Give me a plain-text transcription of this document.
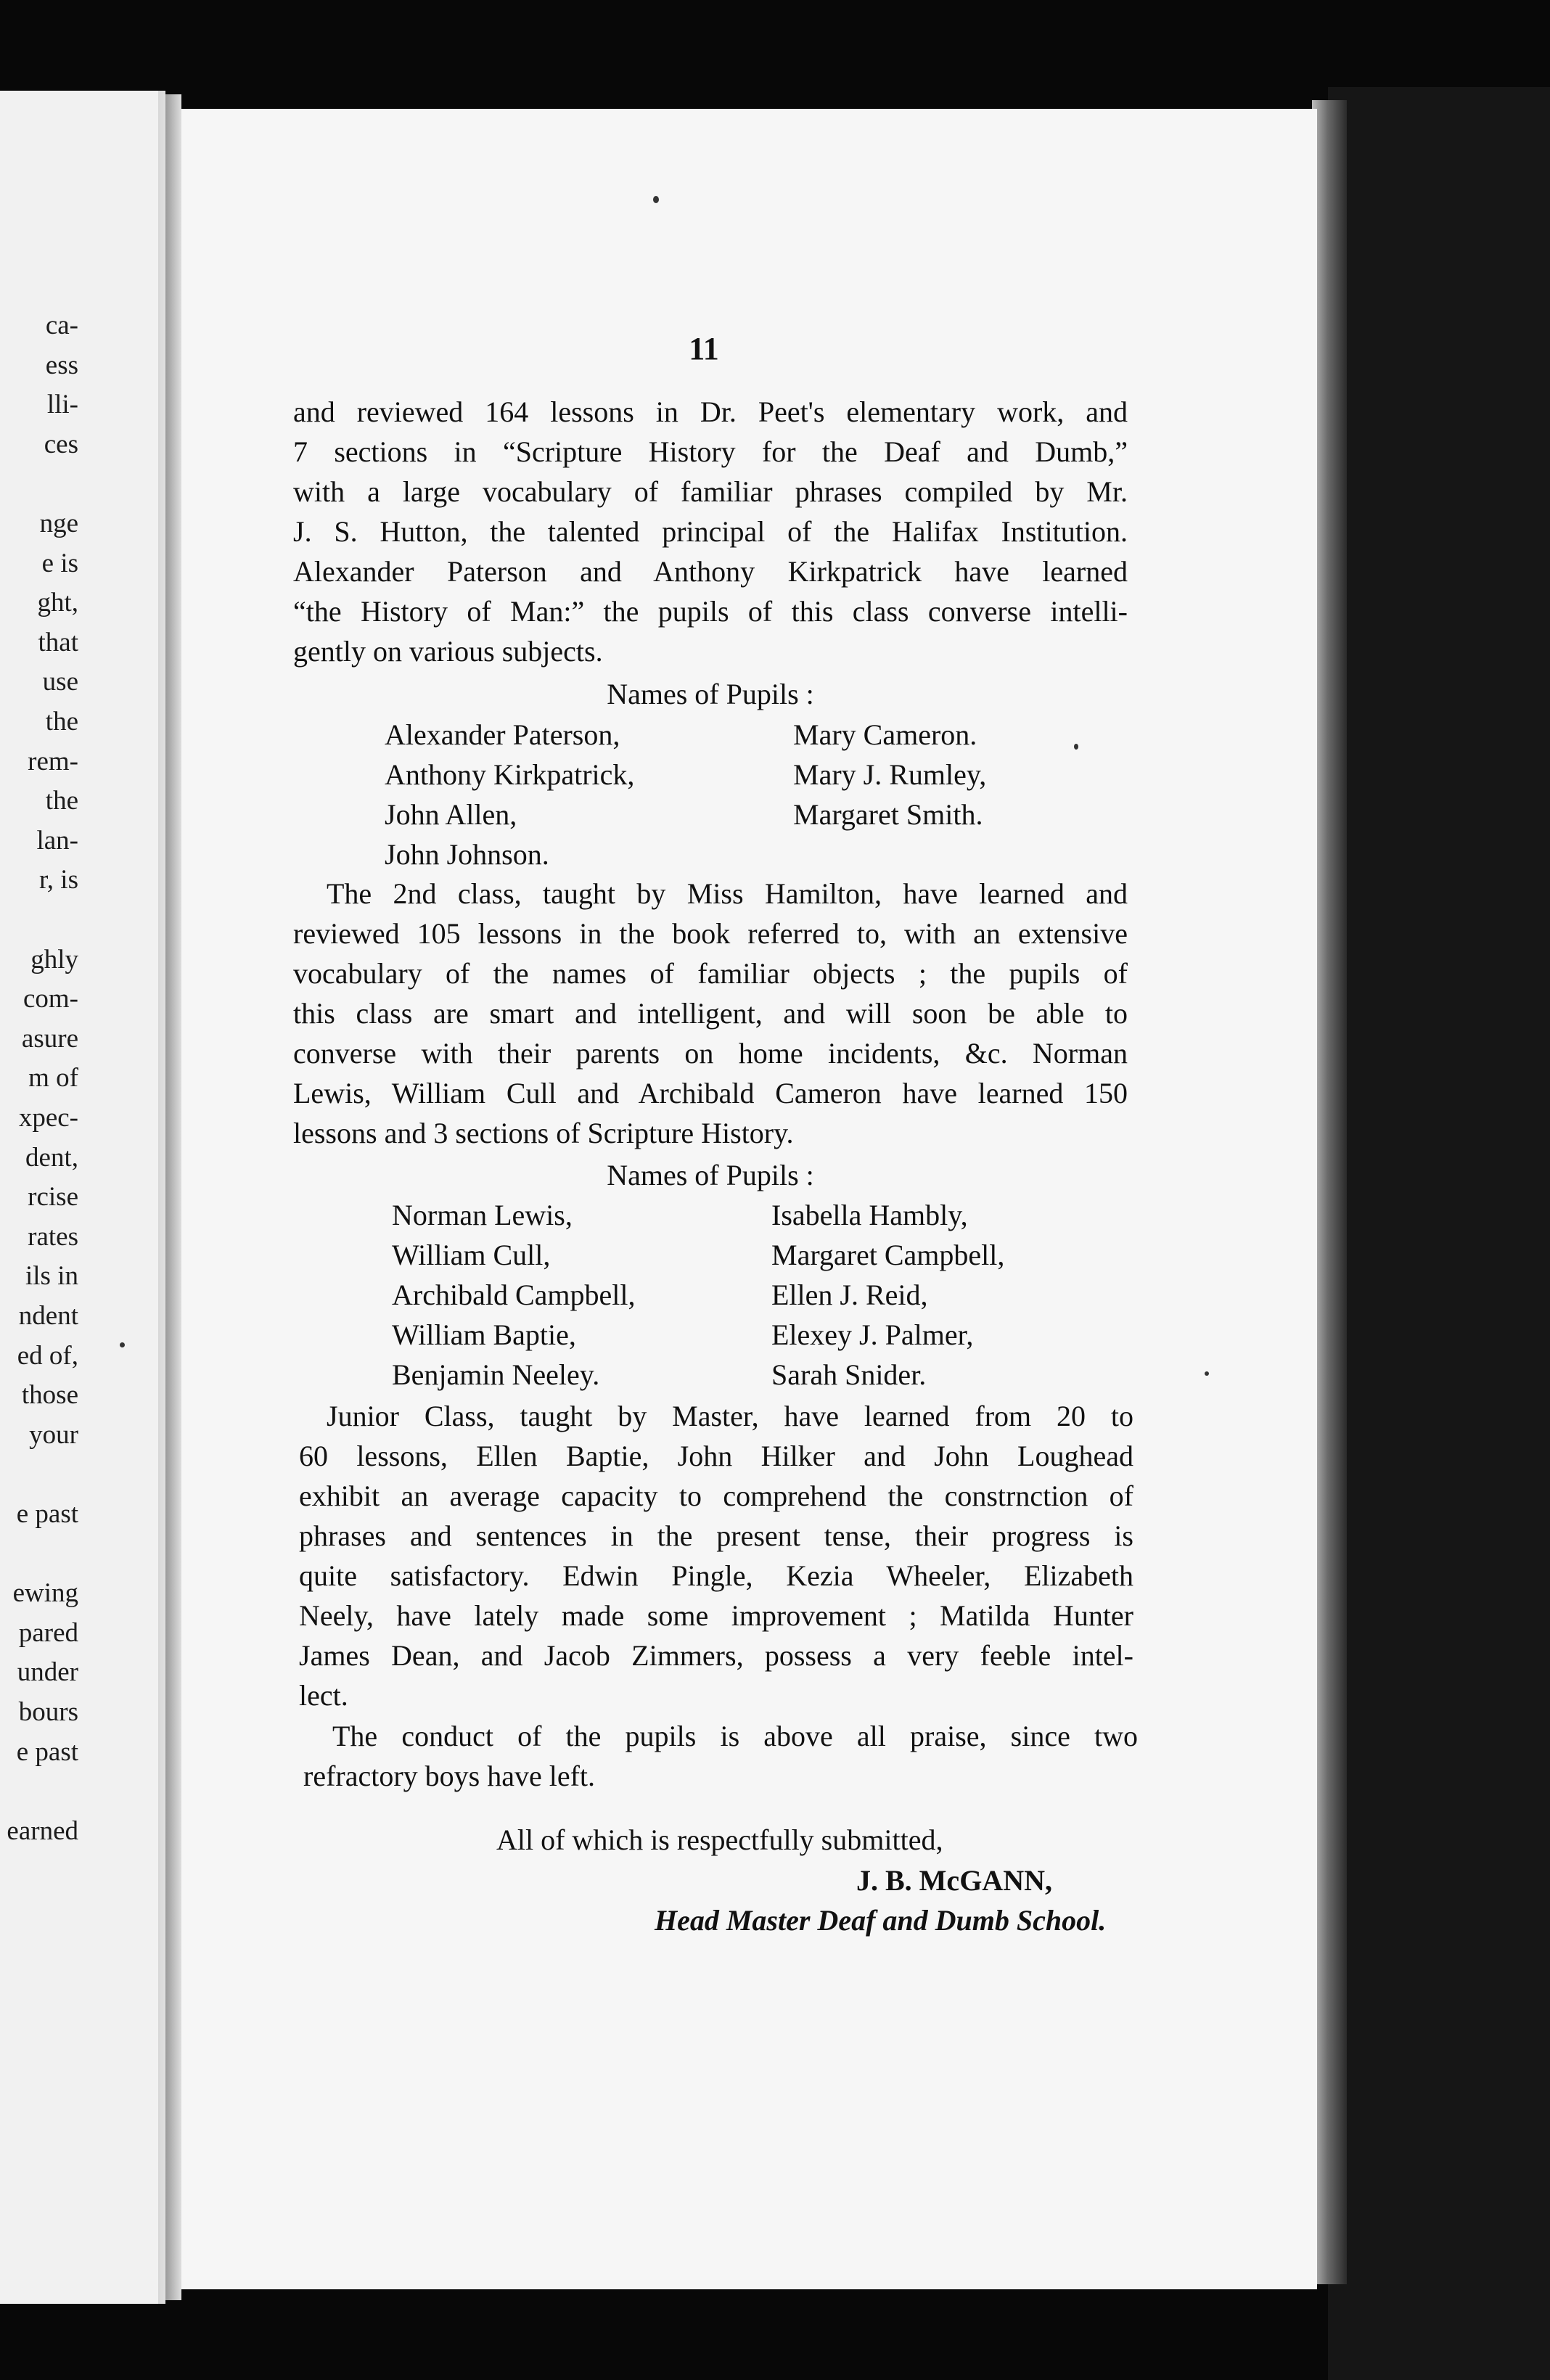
ca-
ess
lli-
ces
nge
e is
ght,
that
use
the
rem-
the
lan-
r, is
ghly
com-
asure
m of
xpec-
dent,
rcise
rates
ils in
ndent
ed of,
those
your
e past
ewing
pared
under
bours
e past
earned
11
and reviewed 164 lessons in Dr. Peet's elementary work, and
7 sections in “Scripture History for the Deaf and Dumb,”
with a large vocabulary of familiar phrases compiled by Mr.
J. S. Hutton, the talented principal of the Halifax Institution.
Alexander Paterson and Anthony Kirkpatrick have learned
“the History of Man:” the pupils of this class converse intelli-
gently on various subjects.
Names of Pupils :
Alexander Paterson,
Anthony Kirkpatrick,
John Allen,
John Johnson.
Mary Cameron.
Mary J. Rumley,
Margaret Smith.
The 2nd class, taught by Miss Hamilton, have learned and
reviewed 105 lessons in the book referred to, with an extensive
vocabulary of the names of familiar objects ; the pupils of
this class are smart and intelligent, and will soon be able to
converse with their parents on home incidents, &c. Norman
Lewis, William Cull and Archibald Cameron have learned 150
lessons and 3 sections of Scripture History.
Names of Pupils :
Norman Lewis,
William Cull,
Archibald Campbell,
William Baptie,
Benjamin Neeley.
Isabella Hambly,
Margaret Campbell,
Ellen J. Reid,
Elexey J. Palmer,
Sarah Snider.
Junior Class, taught by Master, have learned from 20 to
60 lessons, Ellen Baptie, John Hilker and John Loughead
exhibit an average capacity to comprehend the constrnction of
phrases and sentences in the present tense, their progress is
quite satisfactory. Edwin Pingle, Kezia Wheeler, Elizabeth
Neely, have lately made some improvement ; Matilda Hunter
James Dean, and Jacob Zimmers, possess a very feeble intel-
lect.
The conduct of the pupils is above all praise, since two
refractory boys have left.
All of which is respectfully submitted,
J. B. McGANN,
Head Master Deaf and Dumb School.
